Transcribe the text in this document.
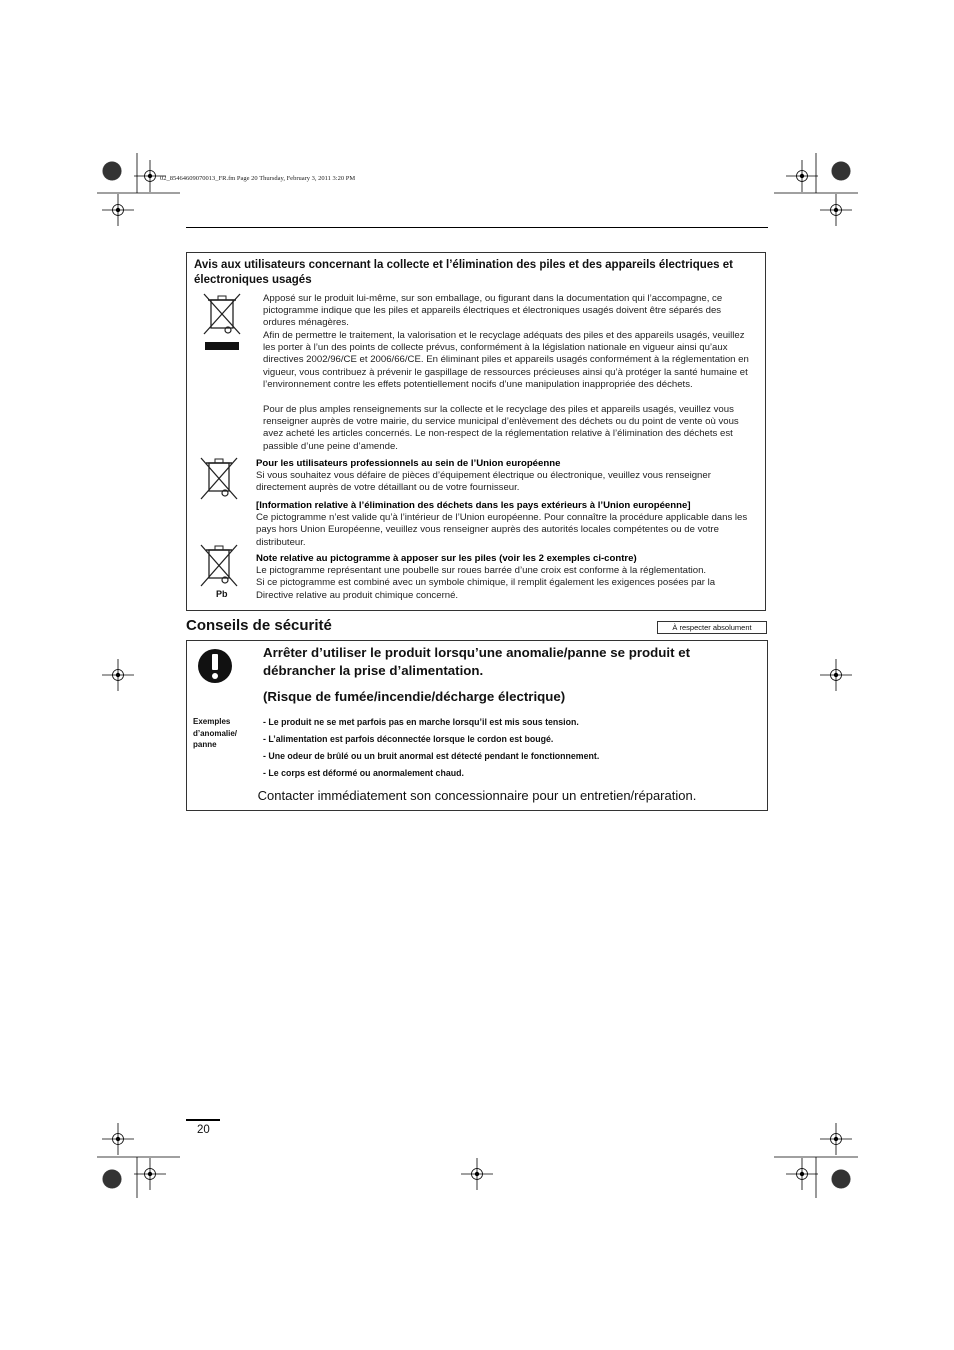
02_85464609070013_FR.fm Page 20 Thursday, February 3, 2011 3:20 PM
Avis aux utilisateurs concernant la collecte et l’élimination des piles et des appareils électriques et électroniques usagés
Apposé sur le produit lui-même, sur son emballage, ou figurant dans la documentation qui l’accompagne, ce pictogramme indique que les piles et appareils électriques et électroniques usagés doivent être séparés des ordures ménagères.
Afin de permettre le traitement, la valorisation et le recyclage adéquats des piles et des appareils usagés, veuillez les porter à l’un des points de collecte prévus, conformément à la législation nationale en vigueur ainsi qu’aux directives 2002/96/CE et 2006/66/CE. En éliminant piles et appareils usagés conformément à la réglementation en vigueur, vous contribuez à prévenir le gaspillage de ressources précieuses ainsi qu’à protéger la santé humaine et l’environnement contre les effets potentiellement nocifs d’une manipulation inappropriée des déchets.
Pour de plus amples renseignements sur la collecte et le recyclage des piles et appareils usagés, veuillez vous renseigner auprès de votre mairie, du service municipal d’enlèvement des déchets ou du point de vente où vous avez acheté les articles concernés. Le non-respect de la réglementation relative à l’élimination des déchets est passible d’une peine d’amende.
Pour les utilisateurs professionnels au sein de l’Union européenne
Si vous souhaitez vous défaire de pièces d’équipement électrique ou électronique, veuillez vous renseigner directement auprès de votre détaillant ou de votre fournisseur.
[Information relative à l’élimination des déchets dans les pays extérieurs à l’Union européenne]
Ce pictogramme n’est valide qu’à l’intérieur de l’Union européenne. Pour connaître la procédure applicable dans les pays hors Union Européenne, veuillez vous renseigner auprès des autorités locales compétentes ou de votre distributeur.
Pb
Note relative au pictogramme à apposer sur les piles (voir les 2 exemples ci-contre)
Le pictogramme représentant une poubelle sur roues barrée d’une croix est conforme à la réglementation.
Si ce pictogramme est combiné avec un symbole chimique, il remplit également les exigences posées par la Directive relative au produit chimique concerné.
Conseils de sécurité	À respecter absolument
Arrêter d’utiliser le produit lorsqu’une anomalie/panne se produit et débrancher la prise d’alimentation.
(Risque de fumée/incendie/décharge électrique)
Exemples d’anomalie/ panne
- Le produit ne se met parfois pas en marche lorsqu’il est mis sous tension.
- L’alimentation est parfois déconnectée lorsque le cordon est bougé.
- Une odeur de brûlé ou un bruit anormal est détecté pendant le fonctionnement.
- Le corps est déformé ou anormalement chaud.
Contacter immédiatement son concessionnaire pour un entretien/réparation.
20
